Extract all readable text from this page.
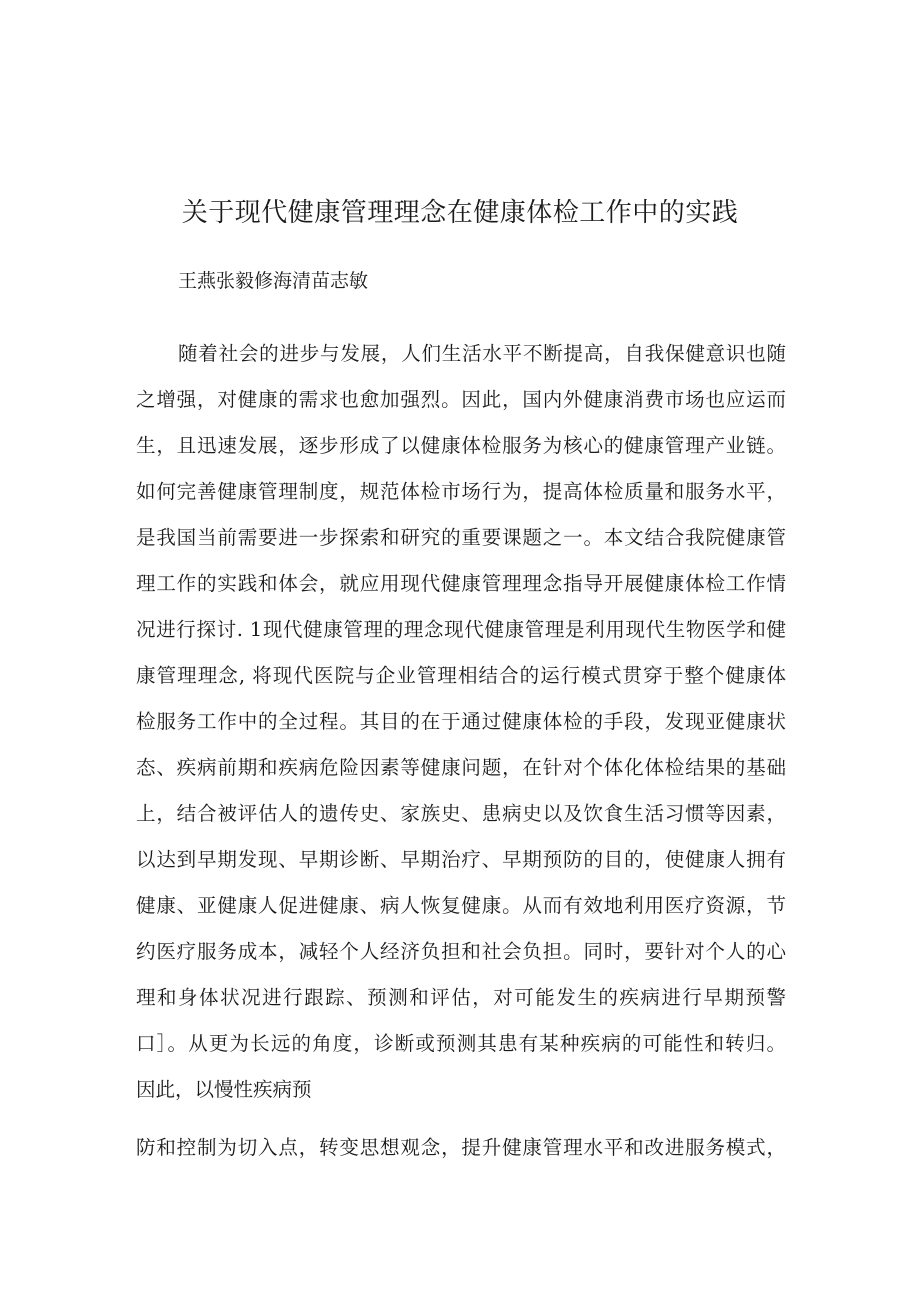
关于现代健康管理理念在健康体检工作中的实践
王燕张毅修海清苗志敏
随着社会的进步与发展，人们生活水平不断提高，自我保健意识也随
之增强，对健康的需求也愈加强烈。因此，国内外健康消费市场也应运而
生，且迅速发展，逐步形成了以健康体检服务为核心的健康管理产业链。
如何完善健康管理制度，规范体检市场行为，提高体检质量和服务水平，
是我国当前需要进一步探索和研究的重要课题之一。本文结合我院健康管
理工作的实践和体会，就应用现代健康管理理念指导开展健康体检工作情
况进行探讨. 1现代健康管理的理念现代健康管理是利用现代生物医学和健
康管理理念, 将现代医院与企业管理相结合的运行模式贯穿于整个健康体
检服务工作中的全过程。其目的在于通过健康体检的手段，发现亚健康状
态、疾病前期和疾病危险因素等健康问题，在针对个体化体检结果的基础
上，结合被评估人的遗传史、家族史、患病史以及饮食生活习惯等因素，
以达到早期发现、早期诊断、早期治疗、早期预防的目的，使健康人拥有
健康、亚健康人促进健康、病人恢复健康。从而有效地利用医疗资源，节
约医疗服务成本，减轻个人经济负担和社会负担。同时，要针对个人的心
理和身体状况进行跟踪、预测和评估，对可能发生的疾病进行早期预警
口］。从更为长远的角度，诊断或预测其患有某种疾病的可能性和转归。
因此，以慢性疾病预
防和控制为切入点，转变思想观念，提升健康管理水平和改进服务模式，
